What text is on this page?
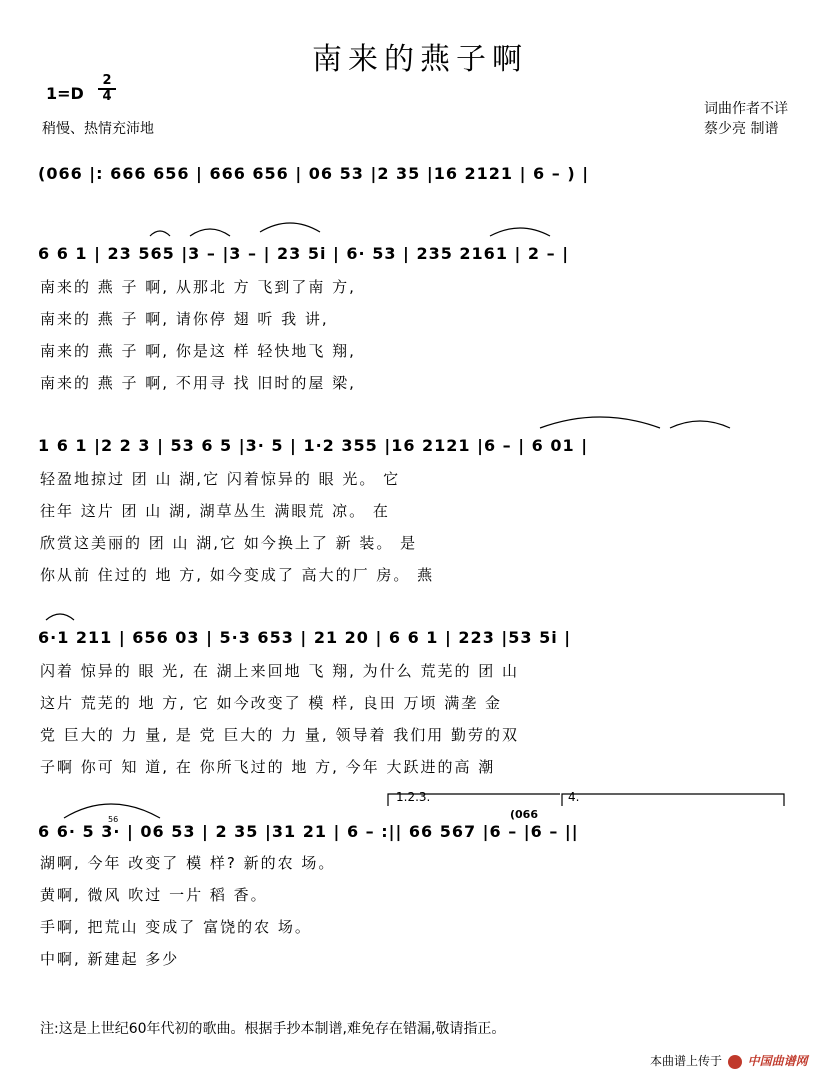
南来的燕子啊
1=D
2
4
稍慢、热情充沛地
词曲作者不详
蔡少亮 制谱
(066 |: 666 656 | 666 656 | 06 53 |2 35 |16 2121 | 6 – ) |
6 6 1 | 23 565 |3 – |3 – | 23 5i | 6· 53 | 235 2161 | 2 – |
南来的 燕 子 啊, 从那北 方 飞到了南 方,
南来的 燕 子 啊, 请你停 翅 听 我 讲,
南来的 燕 子 啊, 你是这 样 轻快地飞 翔,
南来的 燕 子 啊, 不用寻 找 旧时的屋 梁,
1 6 1 |2 2 3 | 53 6 5 |3· 5 | 1·2 355 |16 2121 |6 – | 6 01 |
轻盈地掠过 团 山 湖,它 闪着惊异的 眼 光。 它
往年 这片 团 山 湖, 湖草丛生 满眼荒 凉。 在
欣赏这美丽的 团 山 湖,它 如今换上了 新 装。 是
你从前 住过的 地 方, 如今变成了 高大的厂 房。 燕
6·1 211 | 656 03 | 5·3 653 | 21 20 | 6 6 1 | 223 |53 5i |
闪着 惊异的 眼 光, 在 湖上来回地 飞 翔, 为什么 荒芜的 团 山
这片 荒芜的 地 方, 它 如今改变了 模 样, 良田 万顷 满垄 金
党 巨大的 力 量, 是 党 巨大的 力 量, 领导着 我们用 勤劳的双
子啊 你可 知 道, 在 你所飞过的 地 方, 今年 大跃进的高 潮
1.2.3.	4.
(066
56
6 6· 5 3· | 06 53 | 2 35 |31 21 | 6 – :|| 66 567 |6 – |6 – ||
湖啊, 今年 改变了 模 样? 新的农 场。
黄啊, 微风 吹过 一片 稻 香。
手啊, 把荒山 变成了 富饶的农 场。
中啊, 新建起 多少
注:这是上世纪60年代初的歌曲。根据手抄本制谱,难免存在错漏,敬请指正。
本曲谱上传于 中国曲谱网
